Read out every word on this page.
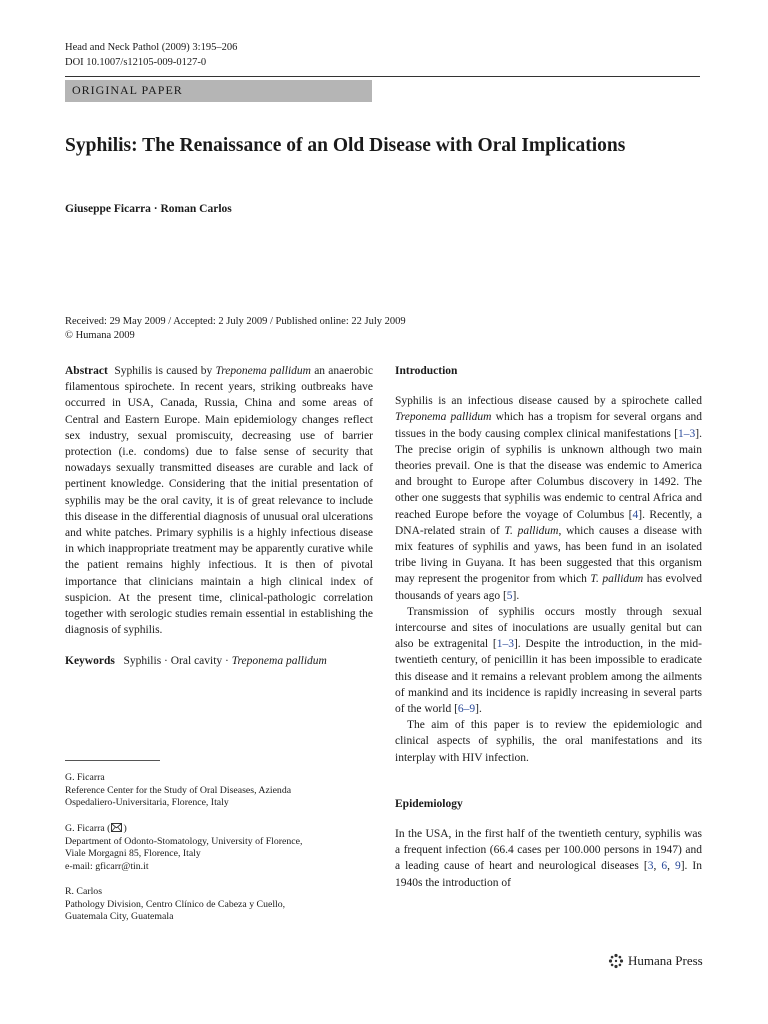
Head and Neck Pathol (2009) 3:195–206
DOI 10.1007/s12105-009-0127-0
ORIGINAL PAPER
Syphilis: The Renaissance of an Old Disease with Oral Implications
Giuseppe Ficarra · Roman Carlos
Received: 29 May 2009 / Accepted: 2 July 2009 / Published online: 22 July 2009
© Humana 2009

Abstract Syphilis is caused by Treponema pallidum an anaerobic filamentous spirochete. In recent years, striking outbreaks have occurred in USA, Canada, Russia, China and some areas of Central and Eastern Europe. Main epidemiology changes reflect sex industry, sexual promiscuity, decreasing use of barrier protection (i.e. condoms) due to false sense of security that nowadays sexually transmitted diseases are curable and lack of pertinent knowledge. Considering that the initial presentation of syphilis may be the oral cavity, it is of great relevance to include this disease in the differential diagnosis of unusual oral ulcerations and white patches. Primary syphilis is a highly infectious disease in which inappropriate treatment may be apparently curative while the patient remains highly infectious. It is then of pivotal importance that clinicians maintain a high clinical index of suspicion. At the present time, clinical-pathologic correlation together with serologic studies remain essential in establishing the diagnosis of syphilis.

Keywords Syphilis · Oral cavity · Treponema pallidum

G. Ficarra
Reference Center for the Study of Oral Diseases, Azienda
Ospedaliero-Universitaria, Florence, Italy
G. Ficarra ( )
Department of Odonto-Stomatology, University of Florence,
Viale Morgagni 85, Florence, Italy
e-mail: gficarr@tin.it
R. Carlos
Pathology Division, Centro Clínico de Cabeza y Cuello,
Guatemala City, Guatemala

Introduction

Syphilis is an infectious disease caused by a spirochete called Treponema pallidum which has a tropism for several organs and tissues in the body causing complex clinical manifestations [1–3]. The precise origin of syphilis is unknown although two main theories prevail. One is that the disease was endemic to America and brought to Europe after Columbus discovery in 1492. The other one suggests that syphilis was endemic to central Africa and reached Europe before the voyage of Columbus [4]. Recently, a DNA-related strain of T. pallidum, which causes a disease with mix features of syphilis and yaws, has been fund in an isolated tribe living in Guyana. It has been suggested that this organism may represent the progenitor from which T. pallidum has evolved thousands of years ago [5].

Transmission of syphilis occurs mostly through sexual intercourse and sites of inoculations are usually genital but can also be extragenital [1–3]. Despite the introduction, in the mid-twentieth century, of penicillin it has been impossible to eradicate this disease and it remains a relevant problem among the ailments of mankind and its incidence is rapidly increasing in several parts of the world [6–9].

The aim of this paper is to review the epidemiologic and clinical aspects of syphilis, the oral manifestations and its interplay with HIV infection.

Epidemiology

In the USA, in the first half of the twentieth century, syphilis was a frequent infection (66.4 cases per 100.000 persons in 1947) and a leading cause of heart and neurological diseases [3, 6, 9]. In 1940s the introduction of

Humana Press
